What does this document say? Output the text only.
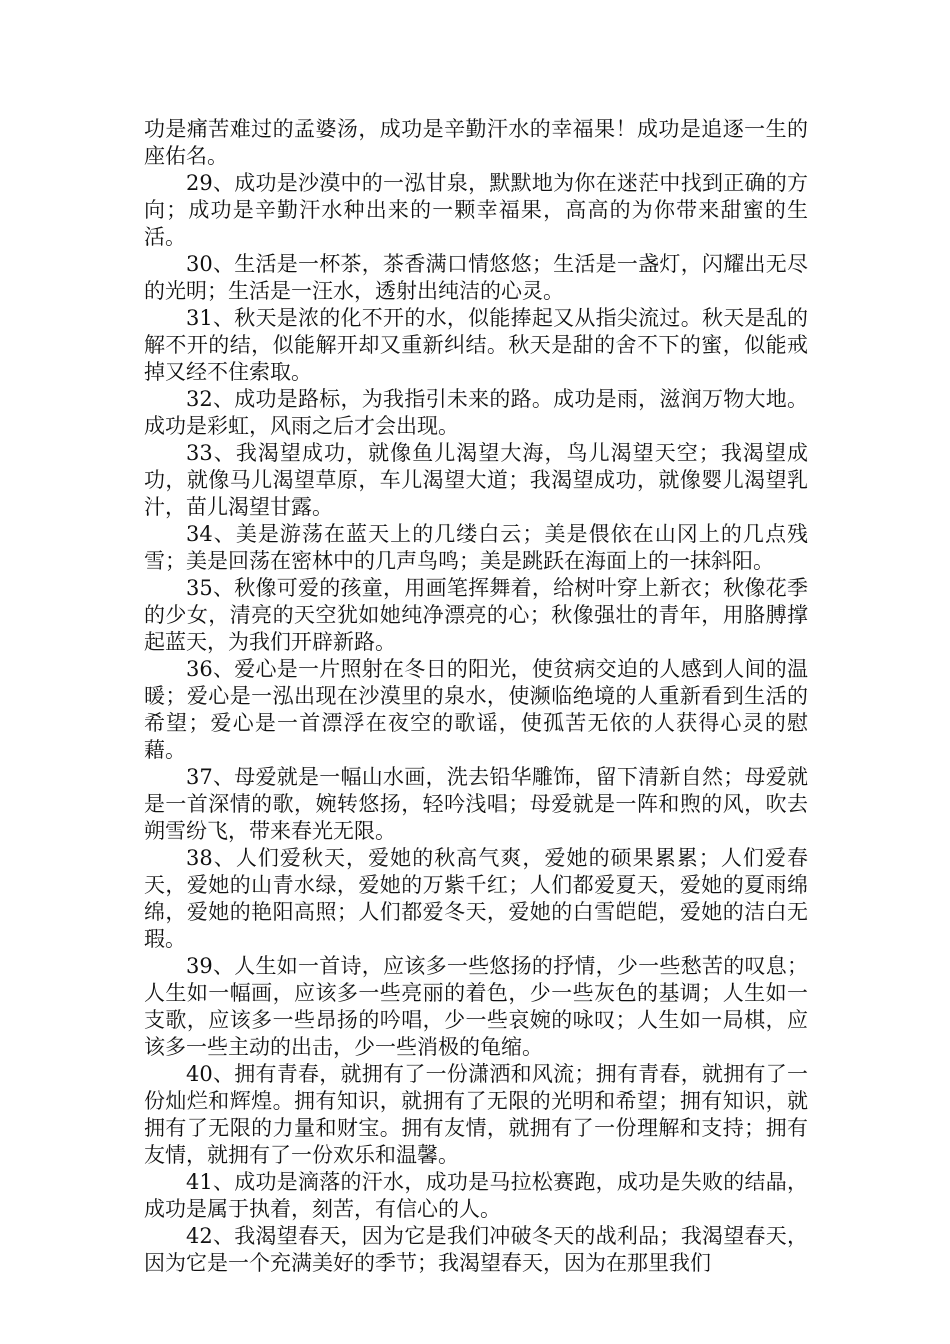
功是痛苦难过的孟婆汤，成功是辛勤汗水的幸福果！成功是追逐一生的座佑名。

29、成功是沙漠中的一泓甘泉，默默地为你在迷茫中找到正确的方向；成功是辛勤汗水种出来的一颗幸福果，高高的为你带来甜蜜的生活。

30、生活是一杯茶，茶香满口情悠悠；生活是一盏灯，闪耀出无尽的光明；生活是一汪水，透射出纯洁的心灵。

31、秋天是浓的化不开的水，似能捧起又从指尖流过。秋天是乱的解不开的结，似能解开却又重新纠结。秋天是甜的舍不下的蜜，似能戒掉又经不住索取。

32、成功是路标，为我指引未来的路。成功是雨，滋润万物大地。成功是彩虹，风雨之后才会出现。

33、我渴望成功，就像鱼儿渴望大海，鸟儿渴望天空；我渴望成功，就像马儿渴望草原，车儿渴望大道；我渴望成功，就像婴儿渴望乳汁，苗儿渴望甘露。

34、美是游荡在蓝天上的几缕白云；美是偎依在山冈上的几点残雪；美是回荡在密林中的几声鸟鸣；美是跳跃在海面上的一抹斜阳。

35、秋像可爱的孩童，用画笔挥舞着，给树叶穿上新衣；秋像花季的少女，清亮的天空犹如她纯净漂亮的心；秋像强壮的青年，用胳膊撑起蓝天，为我们开辟新路。

36、爱心是一片照射在冬日的阳光，使贫病交迫的人感到人间的温暖；爱心是一泓出现在沙漠里的泉水，使濒临绝境的人重新看到生活的希望；爱心是一首漂浮在夜空的歌谣，使孤苦无依的人获得心灵的慰藉。

37、母爱就是一幅山水画，洗去铅华雕饰，留下清新自然；母爱就是一首深情的歌，婉转悠扬，轻吟浅唱；母爱就是一阵和煦的风，吹去朔雪纷飞，带来春光无限。

38、人们爱秋天，爱她的秋高气爽，爱她的硕果累累；人们爱春天，爱她的山青水绿，爱她的万紫千红；人们都爱夏天，爱她的夏雨绵绵，爱她的艳阳高照；人们都爱冬天，爱她的白雪皑皑，爱她的洁白无瑕。

39、人生如一首诗，应该多一些悠扬的抒情，少一些愁苦的叹息；人生如一幅画，应该多一些亮丽的着色，少一些灰色的基调；人生如一支歌，应该多一些昂扬的吟唱，少一些哀婉的咏叹；人生如一局棋，应该多一些主动的出击，少一些消极的龟缩。

40、拥有青春，就拥有了一份潇洒和风流；拥有青春，就拥有了一份灿烂和辉煌。拥有知识，就拥有了无限的光明和希望；拥有知识，就拥有了无限的力量和财宝。拥有友情，就拥有了一份理解和支持；拥有友情，就拥有了一份欢乐和温馨。

41、成功是滴落的汗水，成功是马拉松赛跑，成功是失败的结晶，成功是属于执着，刻苦，有信心的人。

42、我渴望春天，因为它是我们冲破冬天的战利品；我渴望春天，因为它是一个充满美好的季节；我渴望春天，因为在那里我们
